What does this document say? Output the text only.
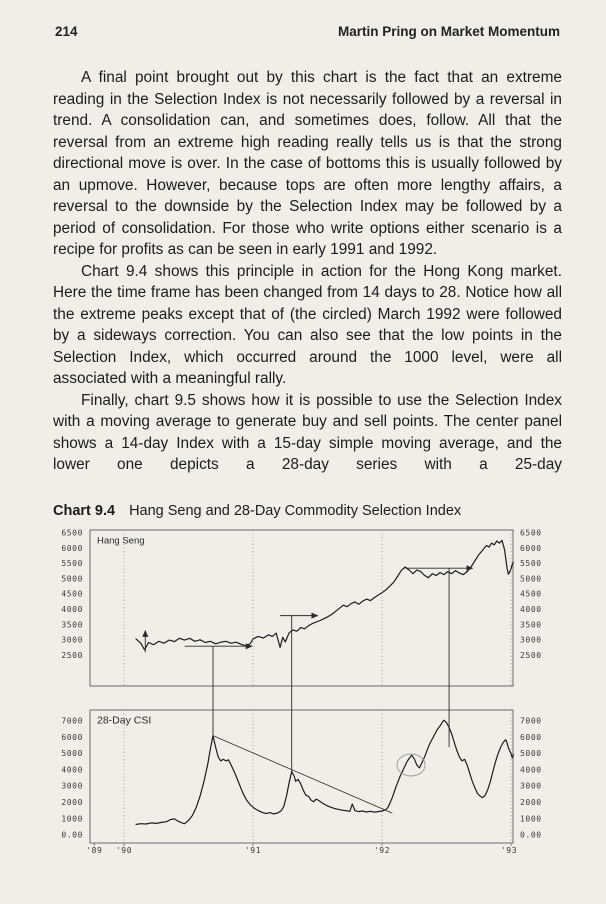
214	Martin Pring on Market Momentum

A final point brought out by this chart is the fact that an extreme reading in the Selection Index is not necessarily followed by a reversal in trend. A consolidation can, and sometimes does, follow. All that the reversal from an extreme high reading really tells us is that the strong directional move is over. In the case of bottoms this is usually followed by an upmove. However, because tops are often more lengthy affairs, a reversal to the downside by the Selection Index may be followed by a period of consolidation. For those who write options either scenario is a recipe for profits as can be seen in early 1991 and 1992.

Chart 9.4 shows this principle in action for the Hong Kong market. Here the time frame has been changed from 14 days to 28. Notice how all the extreme peaks except that of (the circled) March 1992 were followed by a sideways correction. You can also see that the low points in the Selection Index, which occurred around the 1000 level, were all associated with a meaningful rally.

Finally, chart 9.5 shows how it is possible to use the Selection Index with a moving average to generate buy and sell points. The center panel shows a 14-day Index with a 15-day simple moving average, and the lower one depicts a 28-day series with a 25-day

Chart 9.4 Hang Seng and 28-Day Commodity Selection Index
6500	6500
6000	6000
5500	5500
5000	5000
4500	4500
4000	4000
3500	3500
3000	3000
2500	2500
Hang Seng
7000	7000
6000	6000
5000	5000
4000	4000
3000	3000
2000	2000
1000	1000
0.00	0.00
28-Day CSI
'89 '90	'91	'92	'93
